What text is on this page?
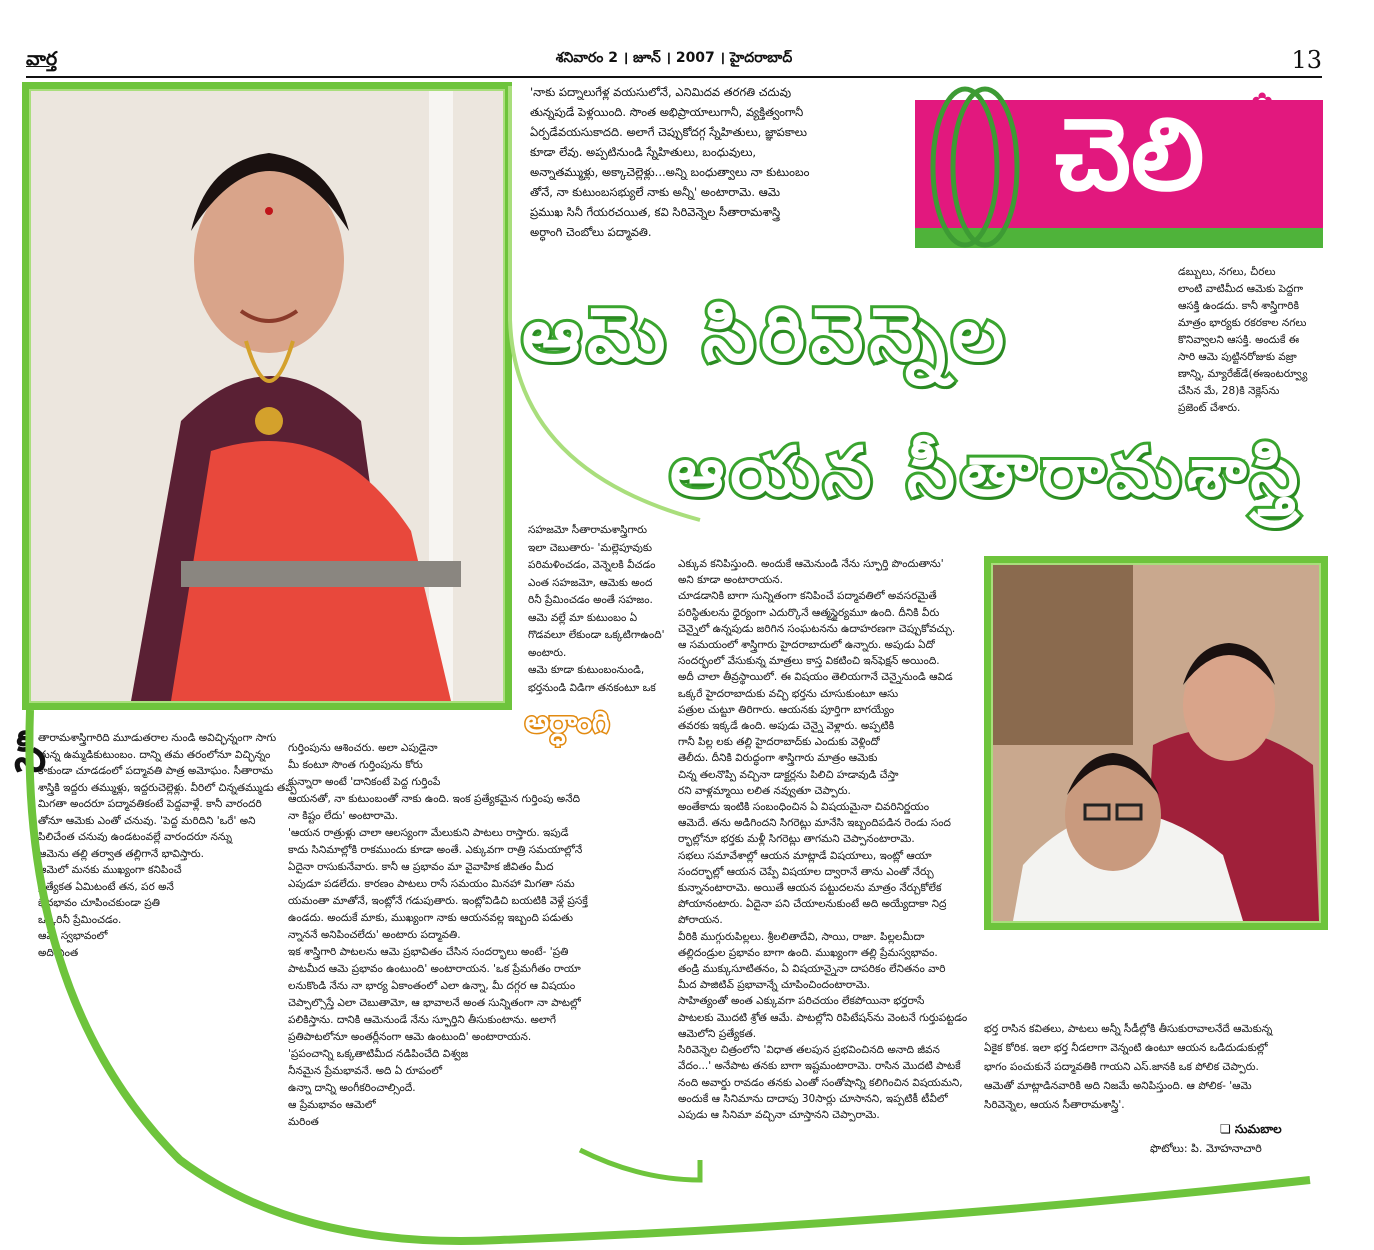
వార్త	శనివారం 2 । జూన్ । 2007 । హైదరాబాద్	13
'నాకు పద్నాలుగేళ్ల వయసులోనే, ఎనిమిదవ తరగతి చదువు
తున్నపుడే పెళ్లయింది. సొంత అభిప్రాయాలుగానీ, వ్యక్తిత్వంగానీ
ఏర్పడేవయసుకాదది. అలాగే చెప్పుకోదగ్గ స్నేహితులు, జ్ఞాపకాలు
కూడా లేవు. అప్పటినుండి స్నేహితులు, బంధువులు,
అన్నాతమ్ముళ్లు, అక్కాచెల్లెళ్లు...అన్ని బంధుత్వాలు నా కుటుంబం
తోనే, నా కుటుంబసభ్యులే నాకు అన్నీ' అంటారామె. ఆమె
ప్రముఖ సినీ గేయరచయిత, కవి సిరివెన్నెల సీతారామశాస్త్రి
అర్ధాంగి చెంబోలు పద్మావతి.
చెలి ✿
డబ్బులు, నగలు, చీరలు
లాంటి వాటిమీద ఆమెకు పెద్దగా
ఆసక్తి ఉండదు. కానీ శాస్త్రిగారికి
మాత్రం భార్యకు రకరకాల నగలు
కొనివ్వాలని ఆసక్తి. అందుకే ఈ
సారి ఆమె పుట్టినరోజుకు వజ్రా
ణాన్ని, మ్యారేజ్‌డే(ఈఇంటర్వ్యూ
చేసిన మే, 28)కి నెక్లెస్‌ను
ప్రజెంట్ చేశారు.
ఆమె సిరివెన్నెల
ఆయన సీతారామశాస్త్రి
సహజమో సీతారామశాస్త్రిగారు
ఇలా చెబుతారు- 'మల్లెపూవుకు
పరిమళించడం, వెన్నెలకి వీచడం
ఎంత సహజమో, ఆమెకు అంద
రినీ ప్రేమించడం అంతే సహజం.
ఆమె వల్లే మా కుటుంబం ఏ
గొడవలూ లేకుండా ఒక్కటిగాఉంది'
అంటారు.
ఆమె కూడా కుటుంబంనుండి,
భర్తనుండి విడిగా తనకంటూ ఒక
ఎక్కువ కనిపిస్తుంది. అందుకే ఆమెనుండి నేను స్ఫూర్తి పొందుతాను'
అని కూడా అంటారాయన.
చూడడానికి బాగా సున్నితంగా కనిపించే పద్మావతిలో అవసరమైతే
పరిస్థితులను ధైర్యంగా ఎదుర్కొనే ఆత్మస్థైర్యమూ ఉంది. దీనికి వీరు
చెన్నైలో ఉన్నపుడు జరిగిన సంఘటనను ఉదాహరణగా చెప్పుకోవచ్చు.
ఆ సమయంలో శాస్త్రిగారు హైదరాబాదులో ఉన్నారు. అపుడు ఏదో
సందర్భంలో వేసుకున్న మాత్రలు కాస్త వికటించి ఇన్‌ఫెక్షన్ అయింది.
అదీ చాలా తీవ్రస్థాయిలో. ఈ విషయం తెలియగానే చెన్నైనుండి ఆవిడ
ఒక్కరే హైదరాబాదుకు వచ్చి భర్తను చూసుకుంటూ ఆసు
పత్రుల చుట్టూ తిరిగారు. ఆయనకు పూర్తిగా బాగయ్యేం
తవరకు ఇక్కడే ఉంది. అపుడు చెన్నై వెళ్లారు. అప్పటికి
గానీ పిల్ల లకు తల్లి హైదరాబాద్‌కు ఎందుకు వెళ్లిందో
తెలీదు. దీనికి విరుద్ధంగా శాస్త్రిగారు మాత్రం ఆమెకు
చిన్న తలనొప్పి వచ్చినా డాక్టర్లను పిలిచి హడావుడి చేస్తా
రని వాళ్లమ్మాయి లలిత నవ్వుతూ చెప్పారు.
అంతేకాదు ఇంటికి సంబంధించిన ఏ విషయమైనా చివరినిర్ణయం
ఆమెదే. తను అడిగిందని సిగరెట్లు మానేసి ఇబ్బందిపడిన రెండు సంద
ర్భాల్లోనూ భర్తకు మళ్లీ సిగరెట్లు తాగమని చెప్పానంటారామె.
సభలు సమావేశాల్లో ఆయన మాట్లాడే విషయాలు, ఇంట్లో ఆయా
సందర్భాల్లో ఆయన చెప్పే విషయాల ద్వారానే తాను ఎంతో నేర్చు
కున్నానంటారామె. అయితే ఆయన పట్టుదలను మాత్రం నేర్చుకోలేక
పోయానంటారు. ఏదైనా పని చేయాలనుకుంటే అది అయ్యేదాకా నిద్ర
పోరాయన.
వీరికి ముగ్గురుపిల్లలు. శ్రీలలితాదేవి, సాయి, రాజా. పిల్లలమీదా
తల్లిదండ్రుల ప్రభావం బాగా ఉంది. ముఖ్యంగా తల్లి ప్రేమస్వభావం.
తండ్రి ముక్కుసూటితనం, ఏ విషయాన్నైనా దాపరికం లేనితనం వారి
మీద పాజిటివ్ ప్రభావాన్నే చూపించిందంటారామె.
సాహిత్యంతో అంత ఎక్కువగా పరిచయం లేకపోయినా భర్తరాసే
పాటలకు మొదటి శ్రోత ఆమే. పాటల్లోని రిపిటేషన్‌ను వెంటనే గుర్తుపట్టడం
ఆమెలోని ప్రత్యేకత.
సిరివెన్నెల చిత్రంలోని 'విధాత తలపున ప్రభవించినది అనాది జీవన
వేదం...' అనేపాట తనకు బాగా ఇష్టమంటారామె. రాసిన మొదటి పాటకే
నంది అవార్డు రావడం తనకు ఎంతో సంతోషాన్ని కలిగించిన విషయమని,
అందుకే ఆ సినిమాను దాదాపు 30సార్లు చూసానని, ఇప్పటికీ టీవీలో
ఎపుడు ఆ సినిమా వచ్చినా చూస్తానని చెప్పారామె.
అర్ధాంగి
తారామశాస్త్రిగారిది మూడుతరాల నుండి అవిచ్ఛిన్నంగా సాగు
తున్న ఉమ్మడికుటుంబం. దాన్ని తమ తరంలోనూ విచ్ఛిన్నం
కాకుండా చూడడంలో పద్మావతి పాత్ర అమోఘం. సీతారామ
శాస్త్రికి ఇద్దరు తమ్ముళ్లు, ఇద్దరుచెల్లెళ్లు. వీరిలో చిన్నతమ్ముడు తప్ప
మిగతా అందరూ పద్మావతికంటే పెద్దవాళ్లే. కానీ వారందరి
తోనూ ఆమెకు ఎంతో చనువు. 'పెద్ద మరిదిని 'ఒరే' అని
పిలిచేంత చనువు ఉండటంవల్లే వారందరూ నన్ను
ఆమెను తల్లి తర్వాత తల్లిగానే భావిస్తారు.
ఆమెలో మనకు ముఖ్యంగా కనిపించే
ప్రత్యేకత ఏమిటంటే తన, పర అనే
భేదభావం చూపించకుండా ప్రతి
ఒక్కరినీ ప్రేమించడం.
ఆమె స్వభావంలో
అది ఎంత
సీ	గుర్తింపును ఆశించరు. అలా ఎపుడైనా
మీ కంటూ సొంత గుర్తింపును కోరు
కున్నారా అంటే 'దానికంటే పెద్ద గుర్తింపే
ఆయనతో, నా కుటుంబంతో నాకు ఉంది. ఇంక ప్రత్యేకమైన గుర్తింపు అనేది
నా కిష్టం లేదు' అంటారామె.
'ఆయన రాత్రుళ్లు చాలా ఆలస్యంగా మేలుకుని పాటలు రాస్తారు. ఇపుడే
కాదు సినిమాల్లోకి రాకముందు కూడా అంతే. ఎక్కువగా రాత్రి సమయాల్లోనే
ఏదైనా రాసుకునేవారు. కానీ ఆ ప్రభావం మా వైవాహిక జీవితం మీద
ఎపుడూ పడలేదు. కారణం పాటలు రాసే సమయం మినహా మిగతా సమ
యమంతా మాతోనే, ఇంట్లోనే గడుపుతారు. ఇంట్లోవిడిచి బయటికి వెళ్లే ప్రసక్తే
ఉండదు. అందుకే మాకు, ముఖ్యంగా నాకు ఆయనవల్ల ఇబ్బంది పడుతు
న్నాననే అనిపించలేదు' అంటారు పద్మావతి.
ఇక శాస్త్రిగారి పాటలను ఆమె ప్రభావితం చేసిన సందర్భాలు అంటే- 'ప్రతి
పాటమీద ఆమె ప్రభావం ఉంటుంది' అంటారాయన. 'ఒక ప్రేమగీతం రాయా
లనుకొండి నేను నా భార్య ఏకాంతంలో ఎలా ఉన్నా, మీ దగ్గర ఆ విషయం
చెప్పాల్సొస్తే ఎలా చెబుతామో, ఆ భావాలనే అంత సున్నితంగా నా పాటల్లో
పలికిస్తాను. దానికి ఆమెనుండే నేను స్ఫూర్తిని తీసుకుంటాను. అలాగే
ప్రతిపాటలోనూ అంతర్లీనంగా ఆమె ఉంటుంది' అంటారాయన.
'ప్రపంచాన్ని ఒక్కతాటిమీద నడిపించేది విశ్వజ
నీనమైన ప్రేమభావనే. అది ఏ రూపంలో
ఉన్నా దాన్ని అంగీకరించాల్సిందే.
ఆ ప్రేమభావం ఆమెలో
మరింత
భర్త రాసిన కవితలు, పాటలు అన్నీ సీడీల్లోకి తీసుకురావాలనేదే ఆమెకున్న
ఏకైక కోరిక. ఇలా భర్త నీడలాగా వెన్నంటి ఉంటూ ఆయన ఒడిదుడుకుల్లో
భాగం పంచుకునే పద్మావతికి గాయని ఎస్.జానకి ఒక పోలిక చెప్పారు.
ఆమెతో మాట్లాడినవారికి అది నిజమే అనిపిస్తుంది. ఆ పోలిక- 'ఆమె
సిరివెన్నెల, ఆయన సీతారామశాస్త్రి'.
❏ సుమబాల
ఫొటోలు: పి. మోహనాచారి
